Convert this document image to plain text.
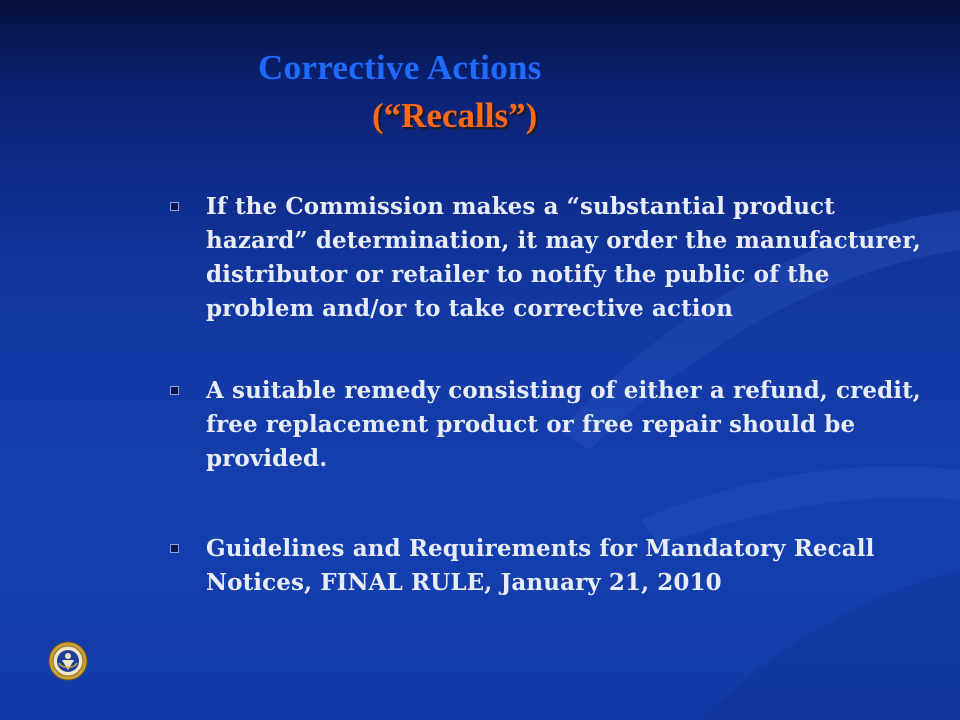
Corrective Actions
(“Recalls”)
If the Commission makes a “substantial product hazard” determination, it may order the manufacturer, distributor or retailer to notify the public of the problem and/or to take corrective action
A suitable remedy consisting of either a refund, credit, free replacement product or free repair should be provided.
Guidelines and Requirements for Mandatory Recall Notices, FINAL RULE, January 21, 2010
